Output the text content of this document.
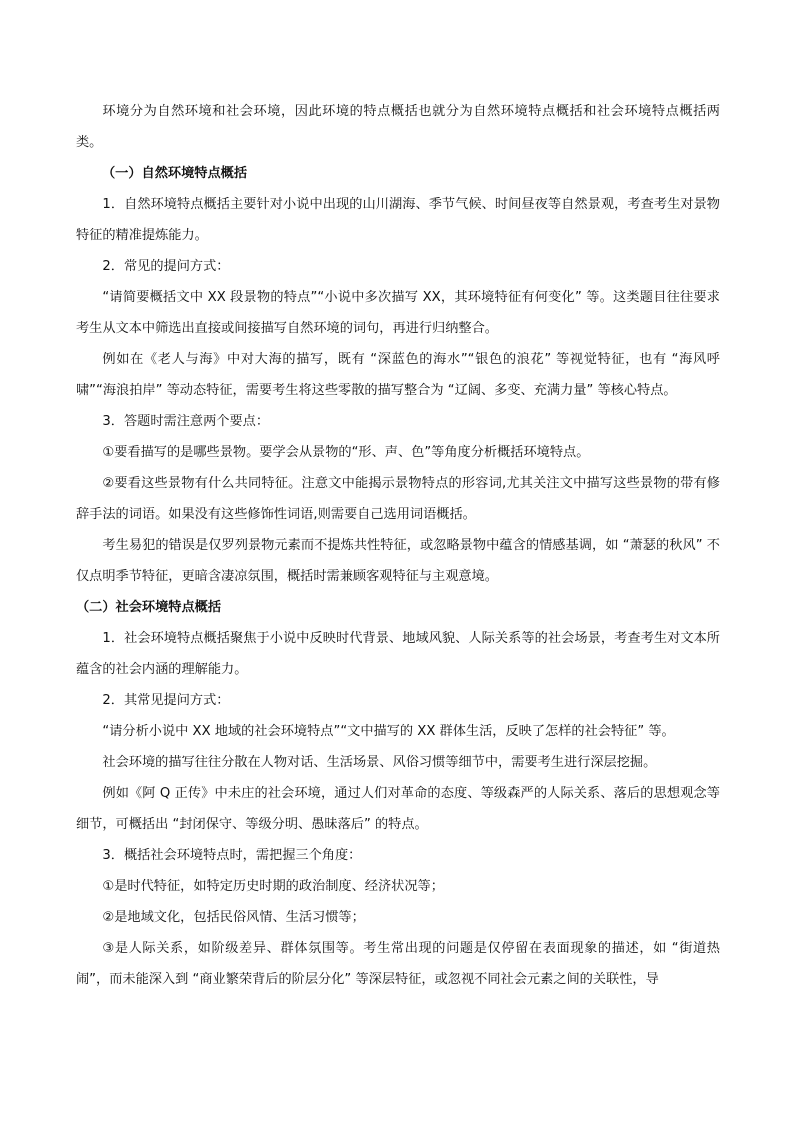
环境分为自然环境和社会环境，因此环境的特点概括也就分为自然环境特点概括和社会环境特点概括两类。

（一）自然环境特点概括

1．自然环境特点概括主要针对小说中出现的山川湖海、季节气候、时间昼夜等自然景观，考查考生对景物特征的精准提炼能力。

2．常见的提问方式：

“请简要概括文中 XX 段景物的特点”“小说中多次描写 XX，其环境特征有何变化” 等。这类题目往往要求考生从文本中筛选出直接或间接描写自然环境的词句，再进行归纳整合。

例如在《老人与海》中对大海的描写，既有 “深蓝色的海水”“银色的浪花” 等视觉特征，也有 “海风呼啸”“海浪拍岸” 等动态特征，需要考生将这些零散的描写整合为 “辽阔、多变、充满力量” 等核心特点。

3．答题时需注意两个要点：

①要看描写的是哪些景物。要学会从景物的“形、声、色”等角度分析概括环境特点。

②要看这些景物有什么共同特征。注意文中能揭示景物特点的形容词,尤其关注文中描写这些景物的带有修辞手法的词语。如果没有这些修饰性词语,则需要自己选用词语概括。

考生易犯的错误是仅罗列景物元素而不提炼共性特征，或忽略景物中蕴含的情感基调，如 “萧瑟的秋风” 不仅点明季节特征，更暗含凄凉氛围，概括时需兼顾客观特征与主观意境。

（二）社会环境特点概括

1．社会环境特点概括聚焦于小说中反映时代背景、地域风貌、人际关系等的社会场景，考查考生对文本所蕴含的社会内涵的理解能力。

2．其常见提问方式：

“请分析小说中 XX 地域的社会环境特点”“文中描写的 XX 群体生活，反映了怎样的社会特征” 等。

社会环境的描写往往分散在人物对话、生活场景、风俗习惯等细节中，需要考生进行深层挖掘。

例如《阿 Q 正传》中未庄的社会环境，通过人们对革命的态度、等级森严的人际关系、落后的思想观念等细节，可概括出 “封闭保守、等级分明、愚昧落后” 的特点。

3．概括社会环境特点时，需把握三个角度：

①是时代特征，如特定历史时期的政治制度、经济状况等；

②是地域文化，包括民俗风情、生活习惯等；

③是人际关系，如阶级差异、群体氛围等。考生常出现的问题是仅停留在表面现象的描述，如 “街道热闹”，而未能深入到 “商业繁荣背后的阶层分化” 等深层特征，或忽视不同社会元素之间的关联性，导
